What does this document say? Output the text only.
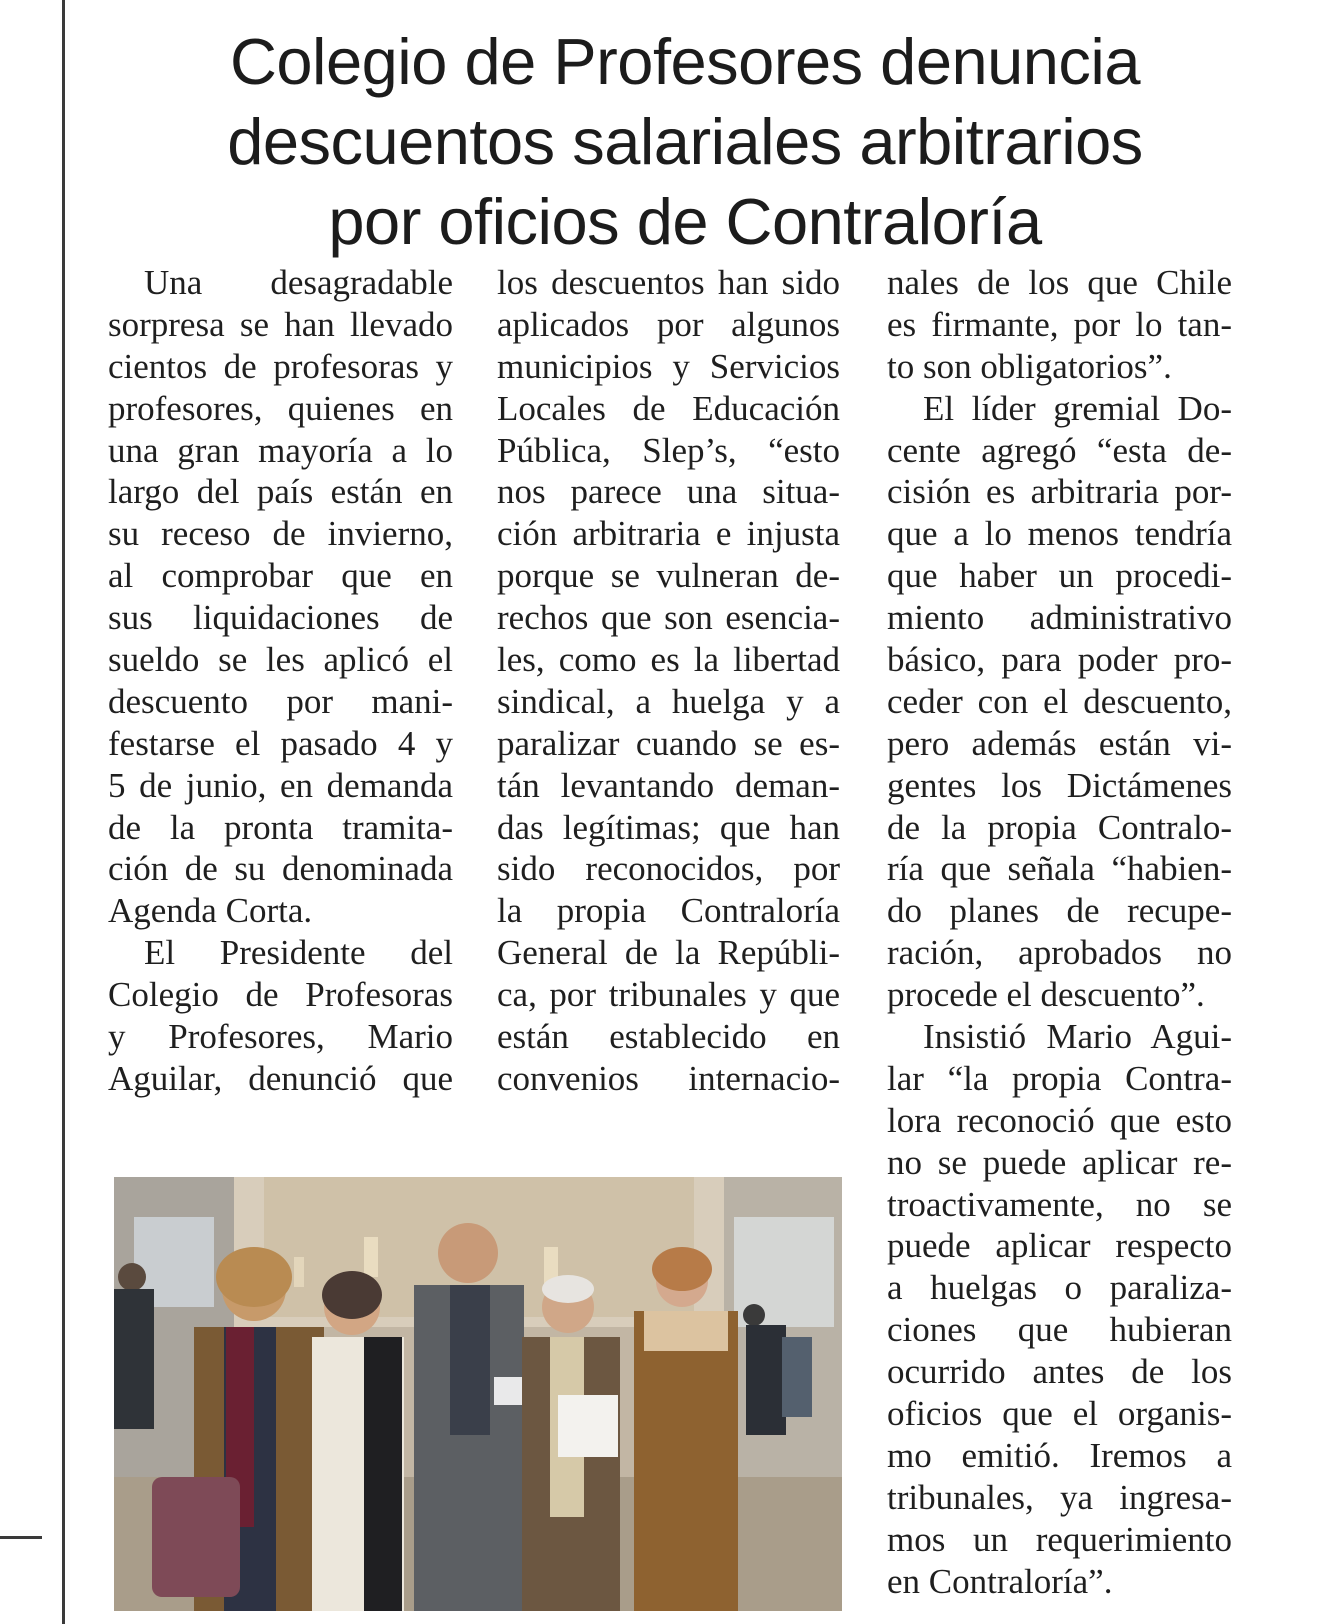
Colegio de Profesores denuncia
descuentos salariales arbitrarios
por oficios de Contraloría
Una desagradable
sorpresa se han llevado
cientos de profesoras y
profesores, quienes en
una gran mayoría a lo
largo del país están en
su receso de invierno,
al comprobar que en
sus liquidaciones de
sueldo se les aplicó el
descuento por mani-
festarse el pasado 4 y
5 de junio, en demanda
de la pronta tramita-
ción de su denominada
Agenda Corta.
El Presidente del
Colegio de Profesoras
y Profesores, Mario
Aguilar, denunció que
los descuentos han sido
aplicados por algunos
municipios y Servicios
Locales de Educación
Pública, Slep’s, “esto
nos parece una situa-
ción arbitraria e injusta
porque se vulneran de-
rechos que son esencia-
les, como es la libertad
sindical, a huelga y a
paralizar cuando se es-
tán levantando deman-
das legítimas; que han
sido reconocidos, por
la propia Contraloría
General de la Repúbli-
ca, por tribunales y que
están establecido en
convenios internacio-
nales de los que Chile
es firmante, por lo tan-
to son obligatorios”.
El líder gremial Do-
cente agregó “esta de-
cisión es arbitraria por-
que a lo menos tendría
que haber un procedi-
miento administrativo
básico, para poder pro-
ceder con el descuento,
pero además están vi-
gentes los Dictámenes
de la propia Contralo-
ría que señala “habien-
do planes de recupe-
ración, aprobados no
procede el descuento”.
Insistió Mario Agui-
lar “la propia Contra-
lora reconoció que esto
no se puede aplicar re-
troactivamente, no se
puede aplicar respecto
a huelgas o paraliza-
ciones que hubieran
ocurrido antes de los
oficios que el organis-
mo emitió. Iremos a
tribunales, ya ingresa-
mos un requerimiento
en Contraloría”.
